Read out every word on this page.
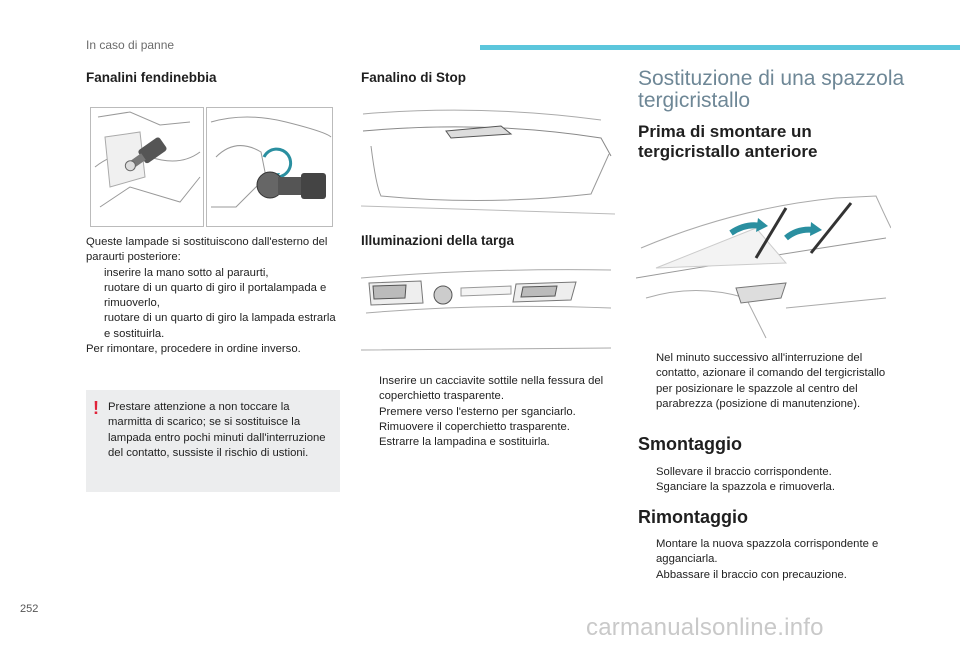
In caso di panne
Fanalini fendinebbia

Queste lampade si sostituiscono dall'esterno del paraurti posteriore:

inserire la mano sotto al paraurti,
ruotare di un quarto di giro il portalampada e rimuoverlo,
ruotare di un quarto di giro la lampada estrarla e sostituirla.

Per rimontare, procedere in ordine inverso.

! Prestare attenzione a non toccare la marmitta di scarico; se si sostituisce la lampada entro pochi minuti dall'interruzione del contatto, sussiste il rischio di ustioni.
Fanalino di Stop
Illuminazioni della targa
Inserire un cacciavite sottile nella fessura del coperchietto trasparente.
Premere verso l'esterno per sganciarlo.
Rimuovere il coperchietto trasparente.
Estrarre la lampadina e sostituirla.
Sostituzione di una spazzola tergicristallo
Prima di smontare un tergicristallo anteriore
Nel minuto successivo all'interruzione del contatto, azionare il comando del tergicristallo per posizionare le spazzole al centro del parabrezza (posizione di manutenzione).
Smontaggio
Sollevare il braccio corrispondente.
Sganciare la spazzola e rimuoverla.
Rimontaggio
Montare la nuova spazzola corrispondente e agganciarla.
Abbassare il braccio con precauzione.
252
carmanualsonline.info
